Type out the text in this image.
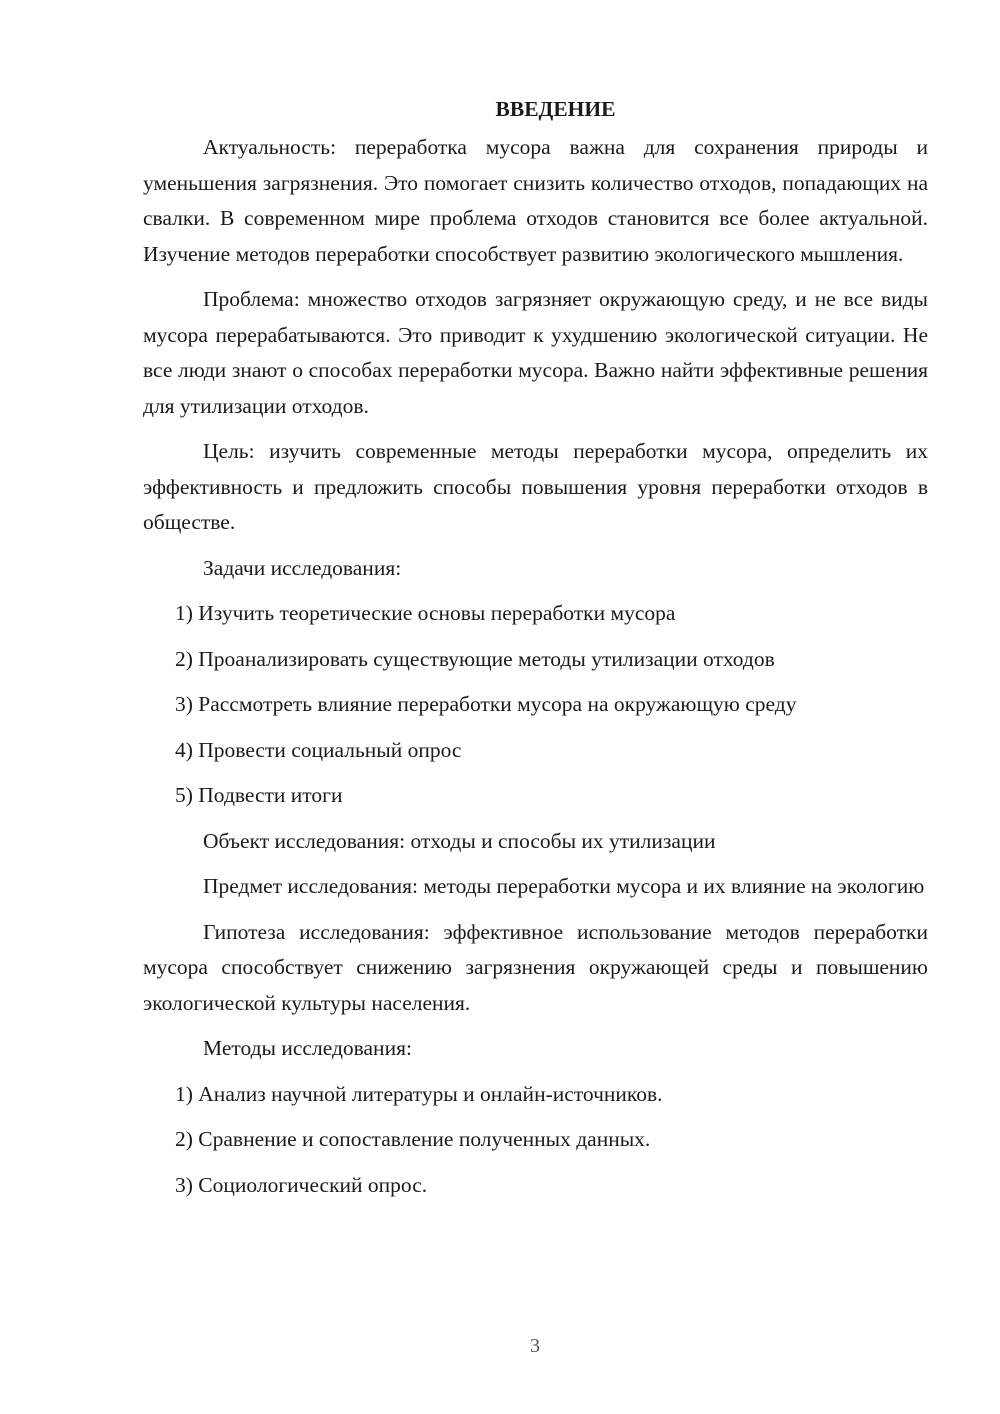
ВВЕДЕНИЕ

Актуальность: переработка мусора важна для сохранения природы и уменьшения загрязнения. Это помогает снизить количество отходов, попадающих на свалки. В современном мире проблема отходов становится все более актуальной. Изучение методов переработки способствует развитию экологического мышления.

Проблема: множество отходов загрязняет окружающую среду, и не все виды мусора перерабатываются. Это приводит к ухудшению экологической ситуации. Не все люди знают о способах переработки мусора. Важно найти эффективные решения для утилизации отходов.

Цель: изучить современные методы переработки мусора, определить их эффективность и предложить способы повышения уровня переработки отходов в обществе.

Задачи исследования:

1) Изучить теоретические основы переработки мусора

2) Проанализировать существующие методы утилизации отходов

3) Рассмотреть влияние переработки мусора на окружающую среду

4) Провести социальный опрос

5) Подвести итоги

Объект исследования: отходы и способы их утилизации

Предмет исследования: методы переработки мусора и их влияние на экологию

Гипотеза исследования: эффективное использование методов переработки мусора способствует снижению загрязнения окружающей среды и повышению экологической культуры населения.

Методы исследования:

1) Анализ научной литературы и онлайн-источников.

2) Сравнение и сопоставление полученных данных.

3) Социологический опрос.

3
